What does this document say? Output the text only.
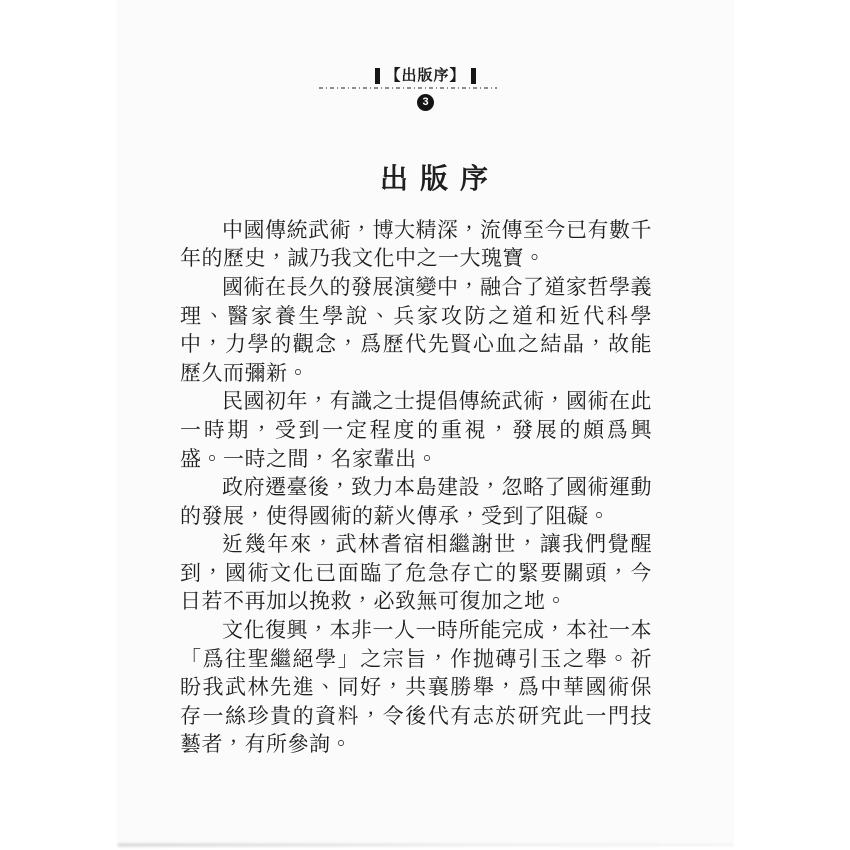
【出版序】
3
出版序

中國傳統武術，博大精深，流傳至今已有數千年的歷史，誠乃我文化中之一大瑰寶。

國術在長久的發展演變中，融合了道家哲學義理、醫家養生學說、兵家攻防之道和近代科學中，力學的觀念，爲歷代先賢心血之結晶，故能歷久而彌新。

民國初年，有識之士提倡傳統武術，國術在此一時期，受到一定程度的重視，發展的頗爲興盛。一時之間，名家輩出。

政府遷臺後，致力本島建設，忽略了國術運動的發展，使得國術的薪火傳承，受到了阻礙。

近幾年來，武林耆宿相繼謝世，讓我們覺醒到，國術文化已面臨了危急存亡的緊要關頭，今日若不再加以挽救，必致無可復加之地。

文化復興，本非一人一時所能完成，本社一本「爲往聖繼絕學」之宗旨，作抛磚引玉之舉。祈盼我武林先進、同好，共襄勝舉，爲中華國術保存一絲珍貴的資料，令後代有志於研究此一門技藝者，有所參詢。
